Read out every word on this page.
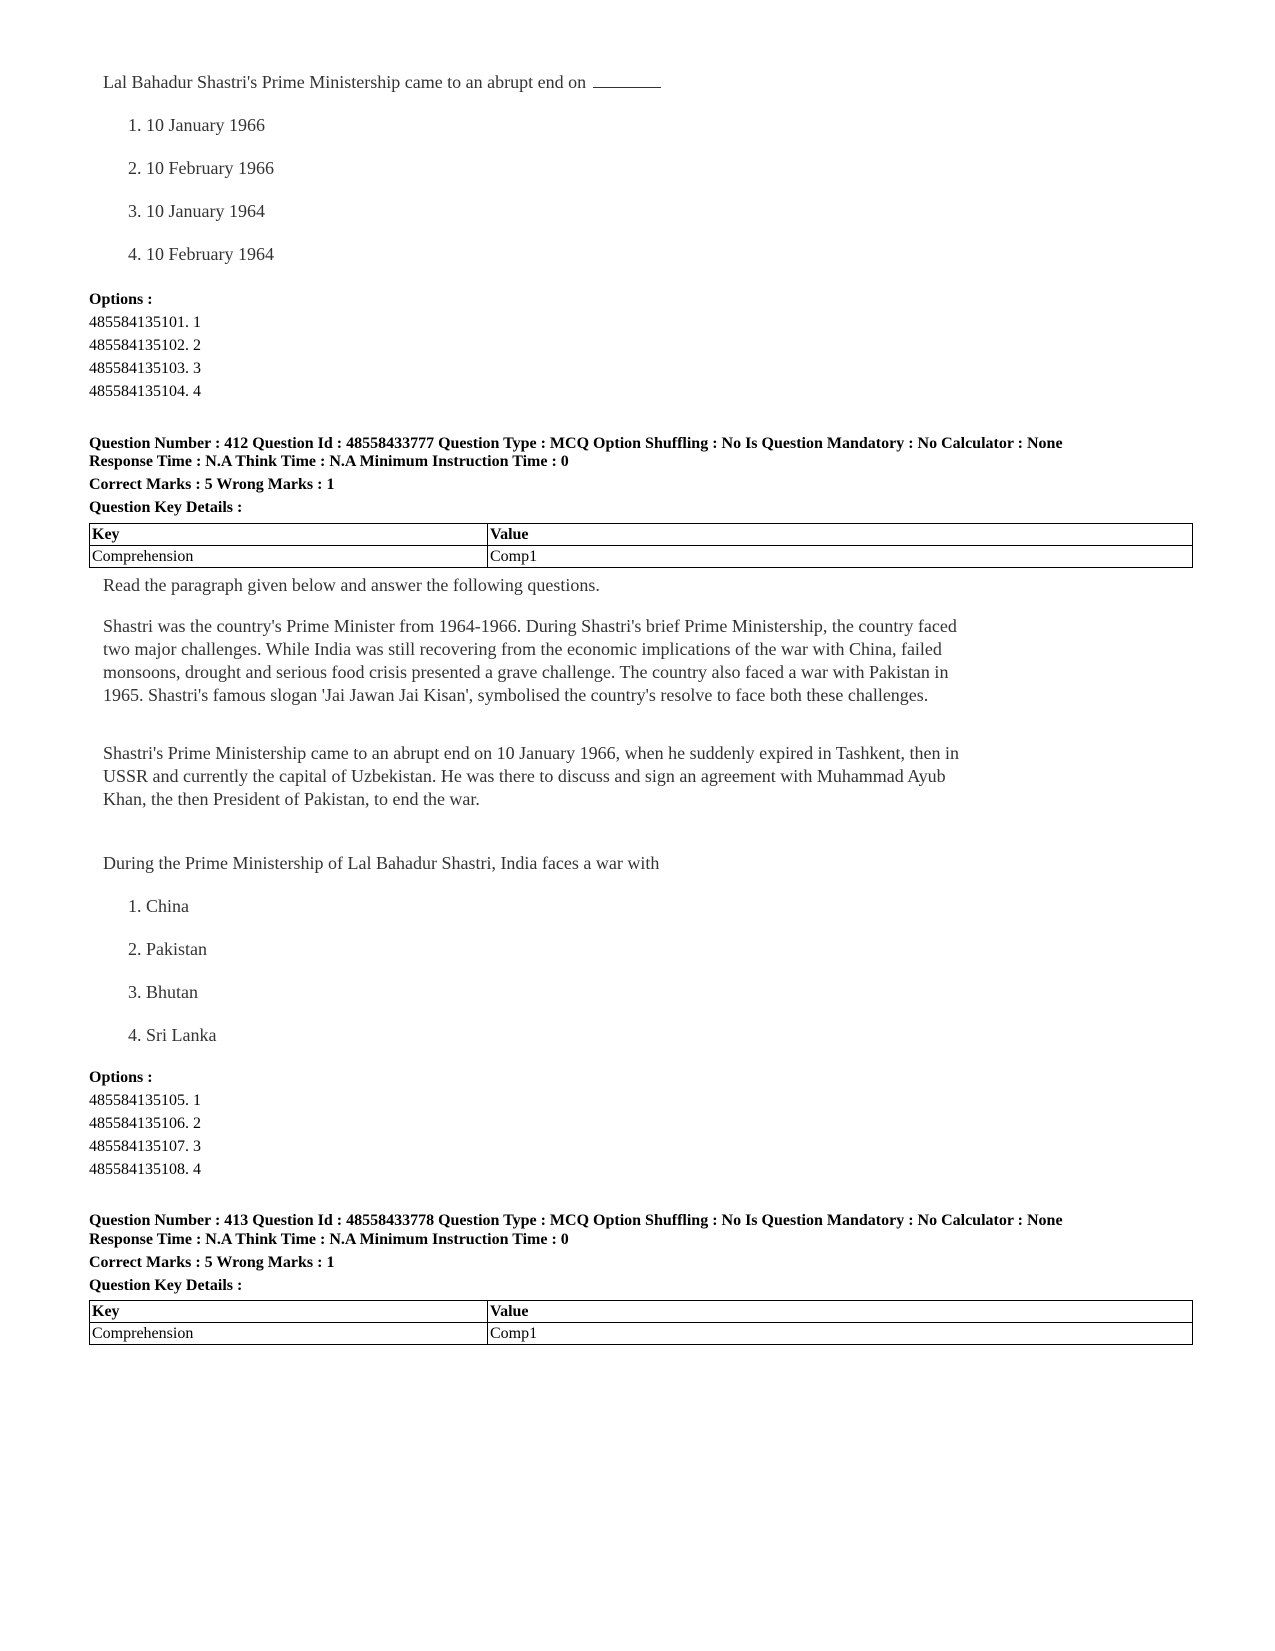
Lal Bahadur Shastri's Prime Ministership came to an abrupt end on
1. 10 January 1966
2. 10 February 1966
3. 10 January 1964
4. 10 February 1964
Options :
485584135101. 1
485584135102. 2
485584135103. 3
485584135104. 4
Question Number : 412 Question Id : 48558433777 Question Type : MCQ Option Shuffling : No Is Question Mandatory : No Calculator : None
Response Time : N.A Think Time : N.A Minimum Instruction Time : 0
Correct Marks : 5 Wrong Marks : 1
Question Key Details :
Key	Value
Comprehension	Comp1
Read the paragraph given below and answer the following questions.
Shastri was the country's Prime Minister from 1964-1966. During Shastri's brief Prime Ministership, the country faced two major challenges. While India was still recovering from the economic implications of the war with China, failed monsoons, drought and serious food crisis presented a grave challenge. The country also faced a war with Pakistan in 1965. Shastri's famous slogan 'Jai Jawan Jai Kisan', symbolised the country's resolve to face both these challenges.
Shastri's Prime Ministership came to an abrupt end on 10 January 1966, when he suddenly expired in Tashkent, then in USSR and currently the capital of Uzbekistan. He was there to discuss and sign an agreement with Muhammad Ayub Khan, the then President of Pakistan, to end the war.
During the Prime Ministership of Lal Bahadur Shastri, India faces a war with
1. China
2. Pakistan
3. Bhutan
4. Sri Lanka
Options :
485584135105. 1
485584135106. 2
485584135107. 3
485584135108. 4
Question Number : 413 Question Id : 48558433778 Question Type : MCQ Option Shuffling : No Is Question Mandatory : No Calculator : None
Response Time : N.A Think Time : N.A Minimum Instruction Time : 0
Correct Marks : 5 Wrong Marks : 1
Question Key Details :
Key	Value
Comprehension	Comp1
